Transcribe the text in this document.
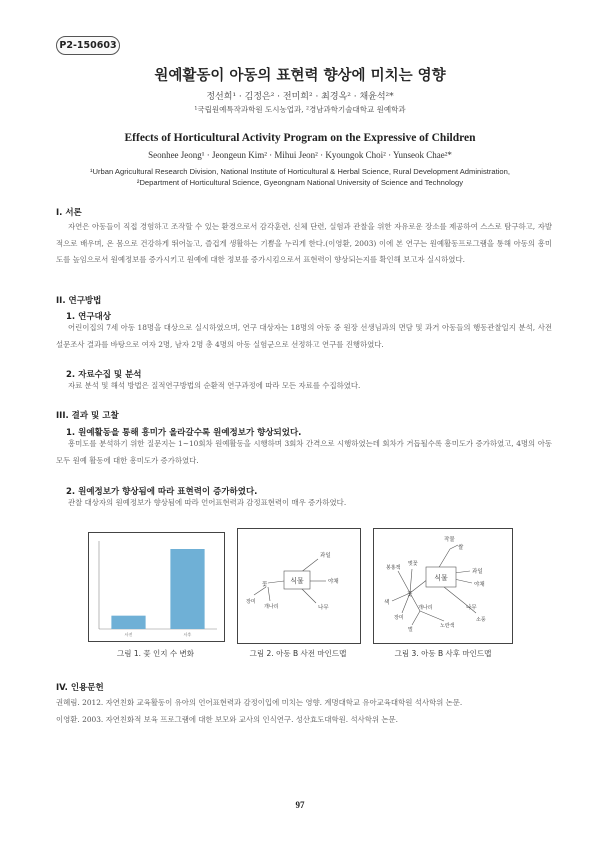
P2-150603
원예활동이 아동의 표현력 향상에 미치는 영향
정선희¹ · 김정은² · 전미희² · 최경옥² · 채윤석²*
¹국립원예특작과학원 도시농업과, ²경남과학기술대학교 원예학과
Effects of Horticultural Activity Program on the Expressive of Children
Seonhee Jeong¹ · Jeongeun Kim² · Mihui Jeon² · Kyoungok Choi² · Yunseok Chae²*
¹Urban Agricultural Research Division, National Institute of Horticultural & Herbal Science, Rural Development Administration,
²Department of Horticultural Science, Gyeongnam National University of Science and Technology
I. 서론

자연은 아동들이 직접 경험하고 조작할 수 있는 환경으로서 감각훈련, 신체 단련, 실험과 관찰을 위한 자유로운 장소를 제공하여 스스로 탐구하고, 자발적으로 배우며, 온 몸으로 건강하게 뛰어놀고, 즐겁게 생활하는 기쁨을 누리게 한다.(이영환, 2003) 이에 본 연구는 원예활동프로그램을 통해 아동의 흥미도를 높임으로서 원예정보를 증가시키고 원예에 대한 정보를 증가시킴으로서 표현력이 향상되는지를 확인해 보고자 실시하였다.

II. 연구방법
1. 연구대상

어린이집의 7세 아동 18명을 대상으로 실시하였으며, 연구 대상자는 18명의 아동 중 원장 선생님과의 면담 및 과거 아동들의 행동관찰일지 분석, 사전 설문조사 결과를 바탕으로 여자 2명, 남자 2명 총 4명의 아동 실험군으로 선정하고 연구를 진행하였다.

2. 자료수집 및 분석

자료 분석 및 해석 방법은 질적연구방법의 순환적 연구과정에 따라 모든 자료를 수집하였다.

III. 결과 및 고찰
1. 원예활동을 통해 흥미가 올라갈수록 원예정보가 향상되었다.

흥미도를 분석하기 위한 질문지는 1~10회차 원예활동을 시행하며 3회차 간격으로 시행하였는데 회차가 거듭될수록 흥미도가 증가하였고, 4명의 아동 모두 원예 활동에 대한 흥미도가 증가하였다.

2. 원예정보가 향상됨에 따라 표현력이 증가하였다.

관찰 대상자의 원예정보가 향상됨에 따라 언어표현력과 감정표현력이 매우 증가하였다.

사전	사후
그림 1. 꽃 인지 수 변화
식물
과일
야채
나무
꽃
장미
개나리
그림 2. 아동 B 사전 마인드맵
식물
작물
쌀
과일
야채
나무
소풍
꽃
봉홍잭
벚꽃
색
장미
개나리
벌
노란색
그림 3. 아동 B 사후 마인드맵
IV. 인용문헌
권혜림. 2012. 자연친화 교육활동이 유아의 언어표현력과 감정이입에 미치는 영향. 계명대학교 유아교육대학원 석사학위 논문.
이영환. 2003. 자연친화적 보육 프로그램에 대한 보모와 교사의 인식연구. 성산효도대학원. 석사학위 논문.
97
